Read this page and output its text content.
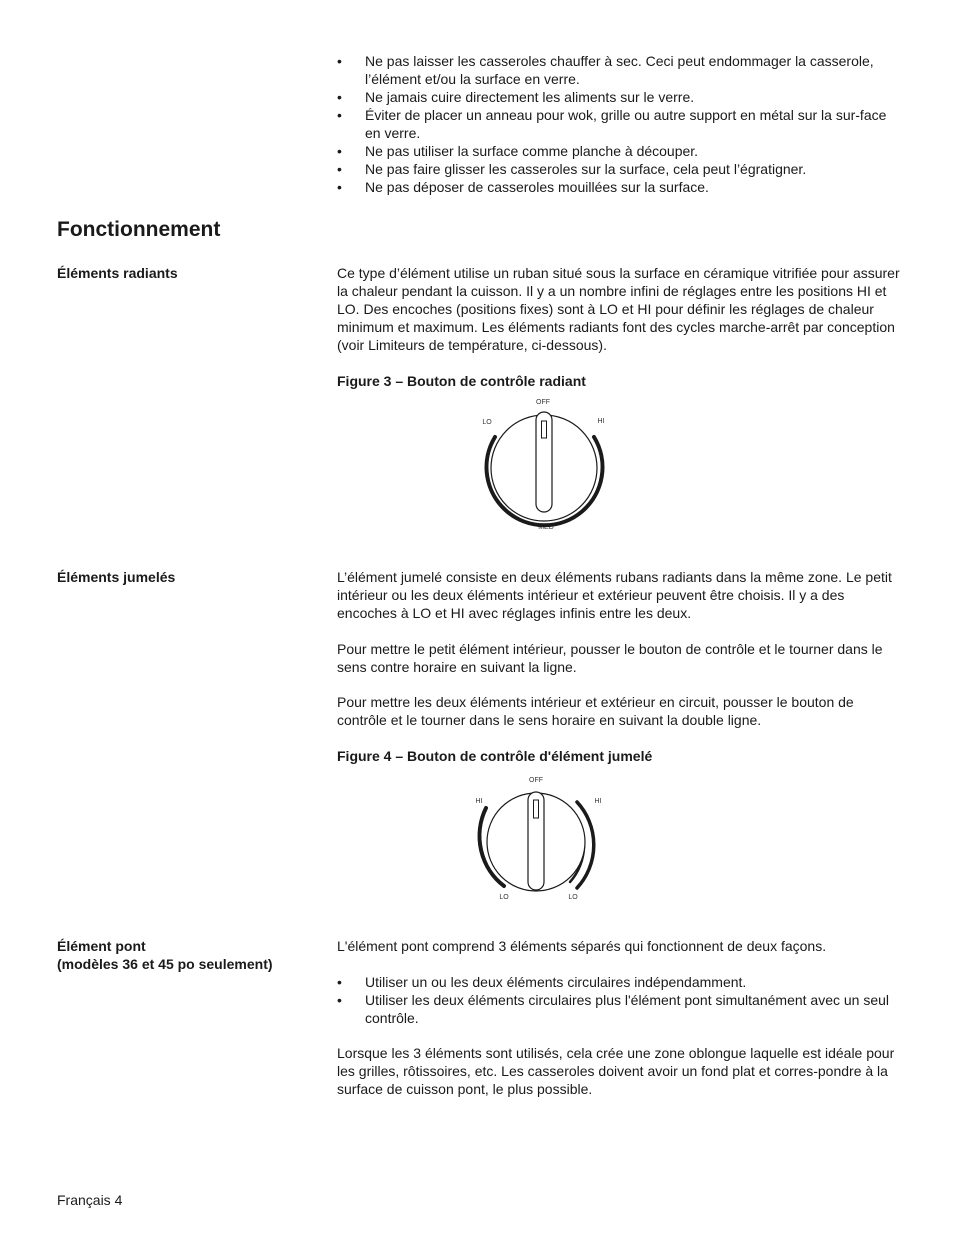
• Ne pas laisser les casseroles chauffer à sec. Ceci peut endommager la casserole, l’élément et/ou la surface en verre.
• Ne jamais cuire directement les aliments sur le verre.
• Éviter de placer un anneau pour wok, grille ou autre support en métal sur la sur-face en verre.
• Ne pas utiliser la surface comme planche à découper.
• Ne pas faire glisser les casseroles sur la surface, cela peut l’égratigner.
• Ne pas déposer de casseroles mouillées sur la surface.
Fonctionnement
Éléments radiants	Ce type d’élément utilise un ruban situé sous la surface en céramique vitrifiée pour assurer la chaleur pendant la cuisson. Il y a un nombre infini de réglages entre les positions HI et LO. Des encoches (positions fixes) sont à LO et HI pour définir les réglages de chaleur minimum et maximum. Les éléments radiants font des cycles marche-arrêt par conception (voir Limiteurs de température, ci-dessous).

Figure 3 – Bouton de contrôle radiant

OFF
LO	HI
MED
Éléments jumelés	L’élément jumelé consiste en deux éléments rubans radiants dans la même zone. Le petit intérieur ou les deux éléments intérieur et extérieur peuvent être choisis. Il y a des encoches à LO et HI avec réglages infinis entre les deux.

Pour mettre le petit élément intérieur, pousser le bouton de contrôle et le tourner dans le sens contre horaire en suivant la ligne.

Pour mettre les deux éléments intérieur et extérieur en circuit, pousser le bouton de contrôle et le tourner dans le sens horaire en suivant la double ligne.

Figure 4 – Bouton de contrôle d'élément jumelé

OFF
HI	HI
LO	LO
Élément pont
(modèles 36 et 45 po seulement)

L'élément pont comprend 3 éléments séparés qui fonctionnent de deux façons.

• Utiliser un ou les deux éléments circulaires indépendamment.
• Utiliser les deux éléments circulaires plus l'élément pont simultanément avec un seul contrôle.

Lorsque les 3 éléments sont utilisés, cela crée une zone oblongue laquelle est idéale pour les grilles, rôtissoires, etc. Les casseroles doivent avoir un fond plat et corres-pondre à la surface de cuisson pont, le plus possible.

Français 4
